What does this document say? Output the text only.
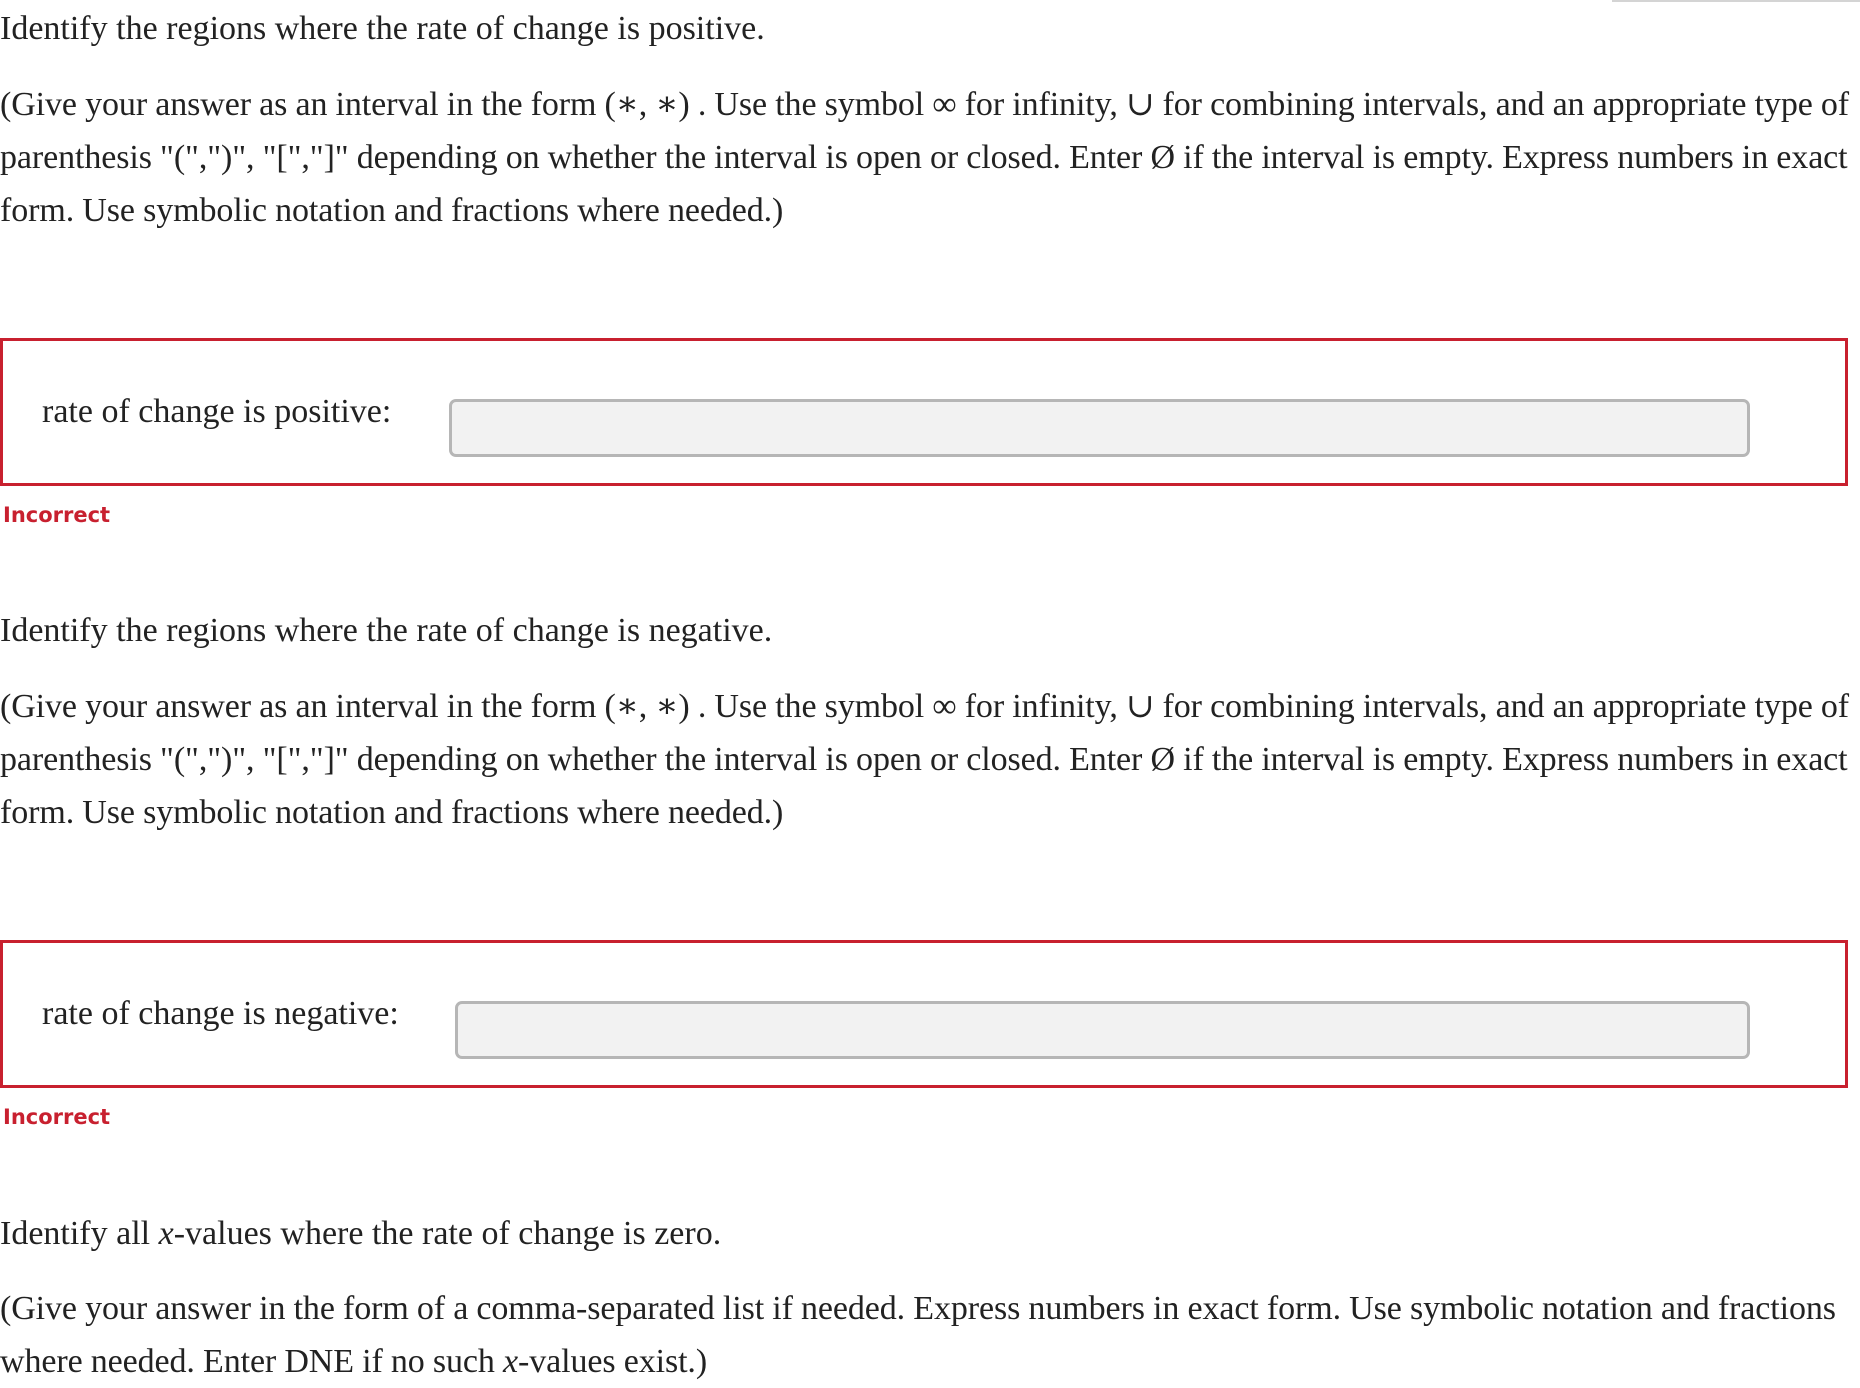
Identify the regions where the rate of change is positive.

(Give your answer as an interval in the form (∗, ∗) . Use the symbol ∞ for infinity, ∪ for combining intervals, and an appropriate type of parenthesis "(",")", "[","]" depending on whether the interval is open or closed. Enter Ø if the interval is empty. Express numbers in exact form. Use symbolic notation and fractions where needed.)

rate of change is positive:

Incorrect

Identify the regions where the rate of change is negative.

(Give your answer as an interval in the form (∗, ∗) . Use the symbol ∞ for infinity, ∪ for combining intervals, and an appropriate type of parenthesis "(",")", "[","]" depending on whether the interval is open or closed. Enter Ø if the interval is empty. Express numbers in exact form. Use symbolic notation and fractions where needed.)

rate of change is negative:

Incorrect

Identify all x-values where the rate of change is zero.

(Give your answer in the form of a comma-separated list if needed. Express numbers in exact form. Use symbolic notation and fractions where needed. Enter DNE if no such x-values exist.)
